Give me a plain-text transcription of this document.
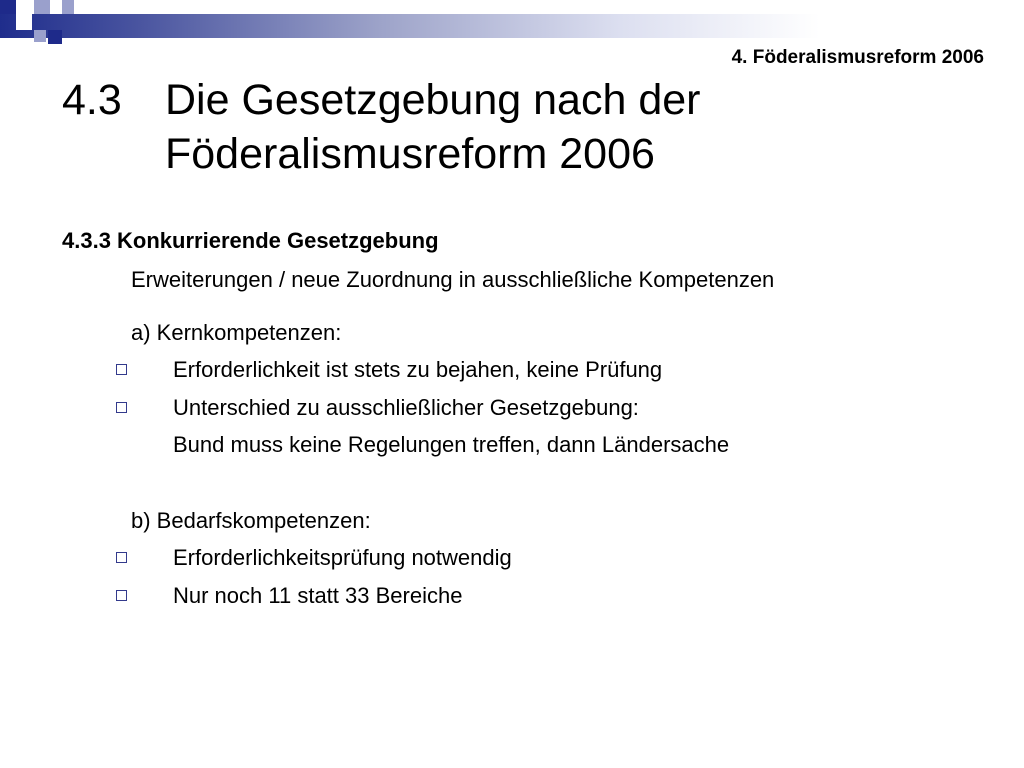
4. Föderalismusreform 2006
4.3 Die Gesetzgebung nach der
Föderalismusreform 2006
4.3.3 Konkurrierende Gesetzgebung
Erweiterungen / neue Zuordnung in ausschließliche Kompetenzen
a) Kernkompetenzen:
Erforderlichkeit ist stets zu bejahen, keine Prüfung
Unterschied zu ausschließlicher Gesetzgebung:
Bund muss keine Regelungen treffen, dann Ländersache
b) Bedarfskompetenzen:
Erforderlichkeitsprüfung notwendig
Nur noch 11 statt 33 Bereiche
